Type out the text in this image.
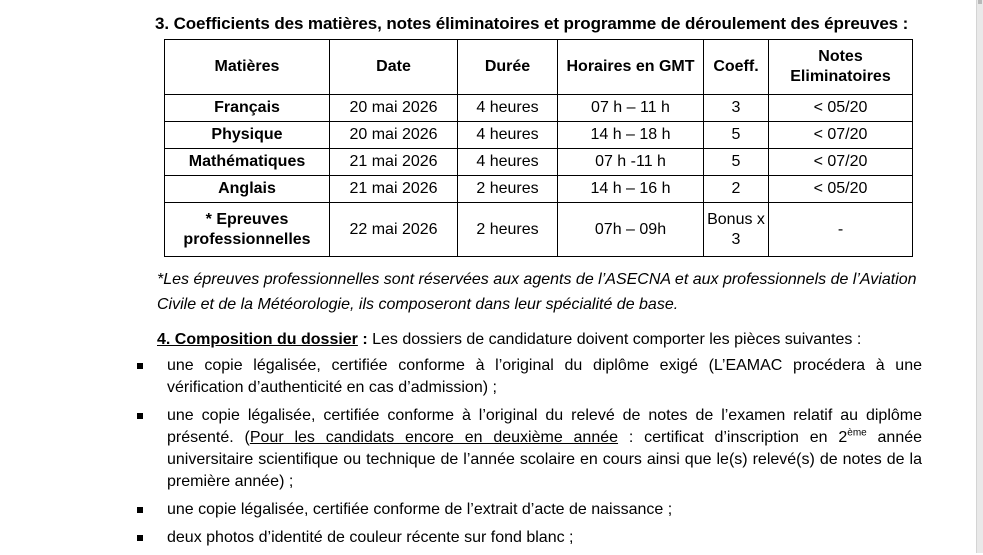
3. Coefficients des matières, notes éliminatoires et programme de déroulement des épreuves :
Matières	Date	Durée	Horaires en GMT	Coeff.	Notes Eliminatoires
Français	20 mai 2026	4 heures	07 h – 11 h	3	< 05/20
Physique	20 mai 2026	4 heures	14 h – 18 h	5	< 07/20
Mathématiques	21 mai 2026	4 heures	07 h -11 h	5	< 07/20
Anglais	21 mai 2026	2 heures	14 h – 16 h	2	< 05/20
* Epreuves professionnelles	22 mai 2026	2 heures	07h – 09h	Bonus x 3	-
*Les épreuves professionnelles sont réservées aux agents de l’ASECNA et aux professionnels de l’Aviation Civile et de la Météorologie, ils composeront dans leur spécialité de base.
4. Composition du dossier : Les dossiers de candidature doivent comporter les pièces suivantes :
une copie légalisée, certifiée conforme à l’original du diplôme exigé (L’EAMAC procédera à une vérification d’authenticité en cas d’admission) ;
une copie légalisée, certifiée conforme à l’original du relevé de notes de l’examen relatif au diplôme présenté. (Pour les candidats encore en deuxième année : certificat d’inscription en 2ème année universitaire scientifique ou technique de l’année scolaire en cours ainsi que le(s) relevé(s) de notes de la première année) ;
une copie légalisée, certifiée conforme de l’extrait d’acte de naissance ;
deux photos d’identité de couleur récente sur fond blanc ;
